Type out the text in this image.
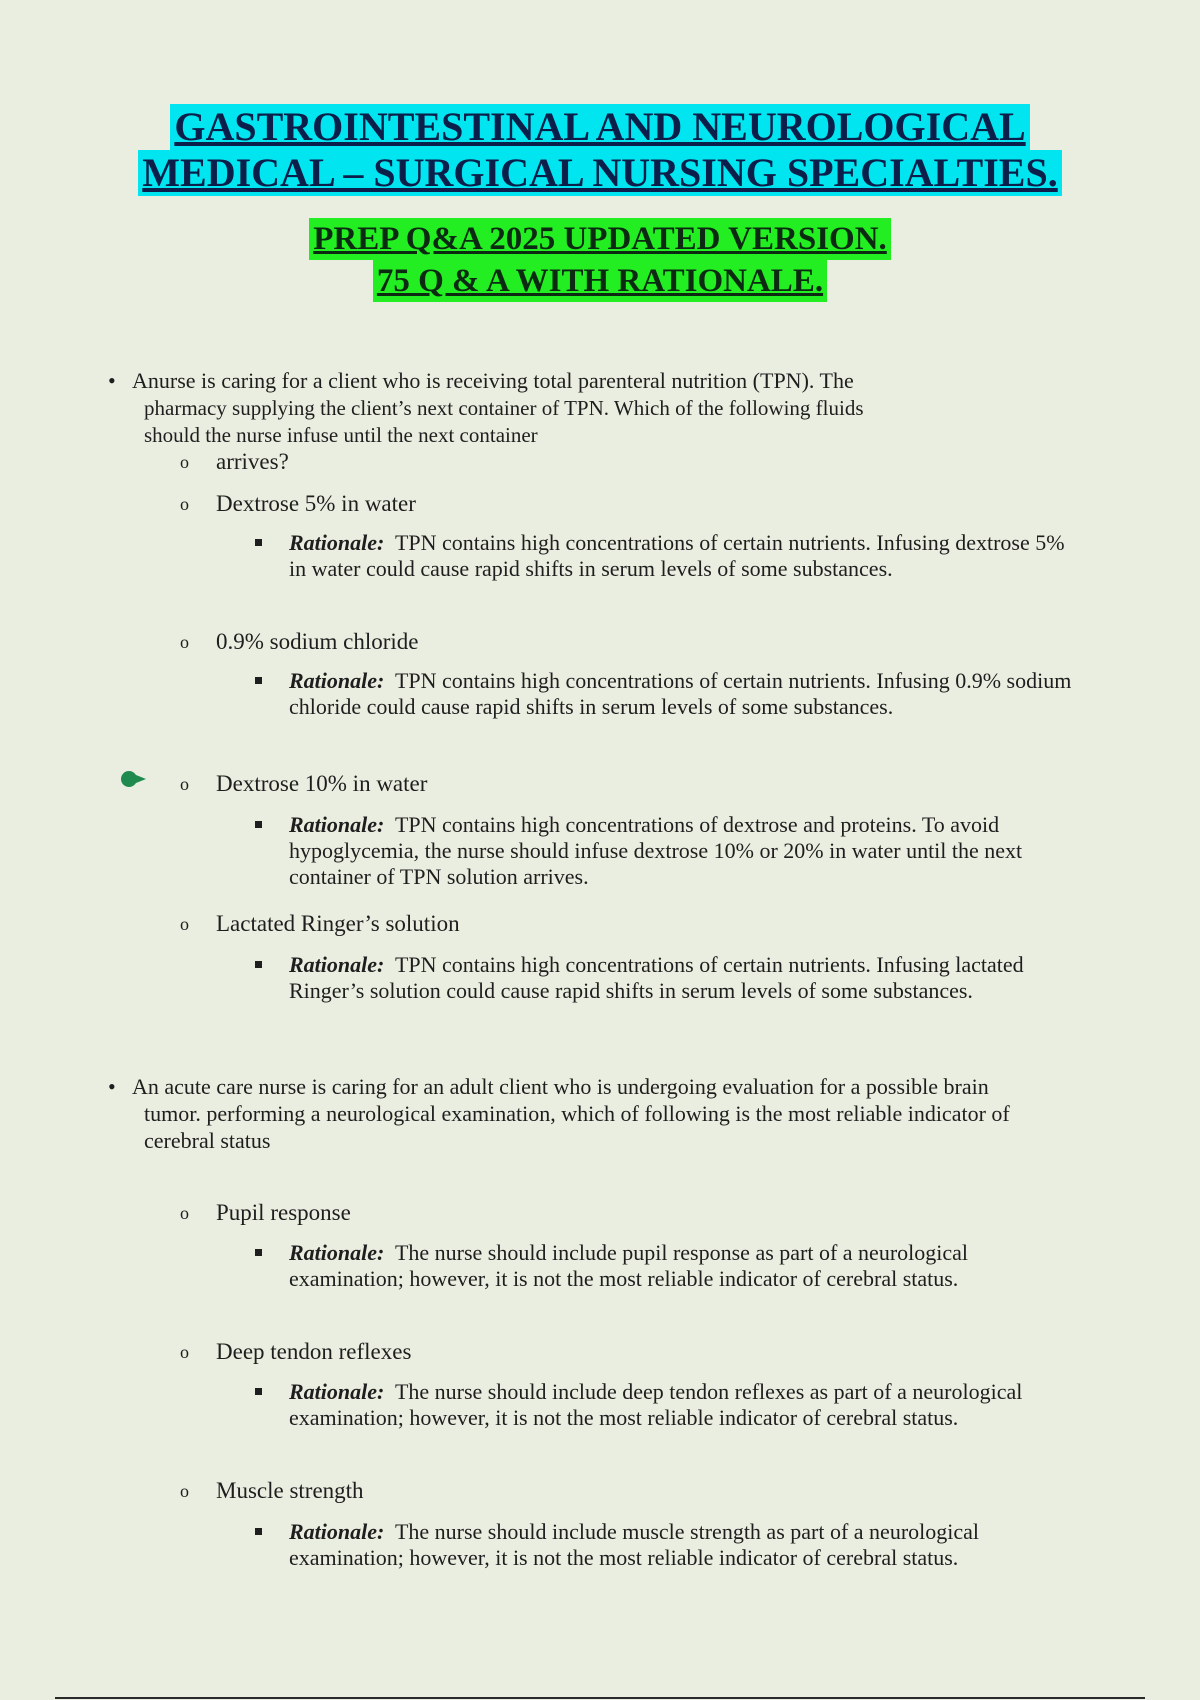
GASTROINTESTINAL AND NEUROLOGICAL
MEDICAL – SURGICAL NURSING SPECIALTIES.
PREP Q&A 2025 UPDATED VERSION.
75 Q & A WITH RATIONALE.
• Anurse is caring for a client who is receiving total parenteral nutrition (TPN). The
pharmacy supplying the client’s next container of TPN. Which of the following fluids
should the nurse infuse until the next container
o arrives?
o Dextrose 5% in water
Rationale: TPN contains high concentrations of certain nutrients. Infusing dextrose 5% in water could cause rapid shifts in serum levels of some substances.
o 0.9% sodium chloride
Rationale: TPN contains high concentrations of certain nutrients. Infusing 0.9% sodium chloride could cause rapid shifts in serum levels of some substances.
o Dextrose 10% in water
Rationale: TPN contains high concentrations of dextrose and proteins. To avoid hypoglycemia, the nurse should infuse dextrose 10% or 20% in water until the next container of TPN solution arrives.
o Lactated Ringer’s solution
Rationale: TPN contains high concentrations of certain nutrients. Infusing lactated Ringer’s solution could cause rapid shifts in serum levels of some substances.
• An acute care nurse is caring for an adult client who is undergoing evaluation for a possible brain
tumor. performing a neurological examination, which of following is the most reliable indicator of
cerebral status
o Pupil response
Rationale: The nurse should include pupil response as part of a neurological examination; however, it is not the most reliable indicator of cerebral status.
o Deep tendon reflexes
Rationale: The nurse should include deep tendon reflexes as part of a neurological examination; however, it is not the most reliable indicator of cerebral status.
o Muscle strength
Rationale: The nurse should include muscle strength as part of a neurological examination; however, it is not the most reliable indicator of cerebral status.
